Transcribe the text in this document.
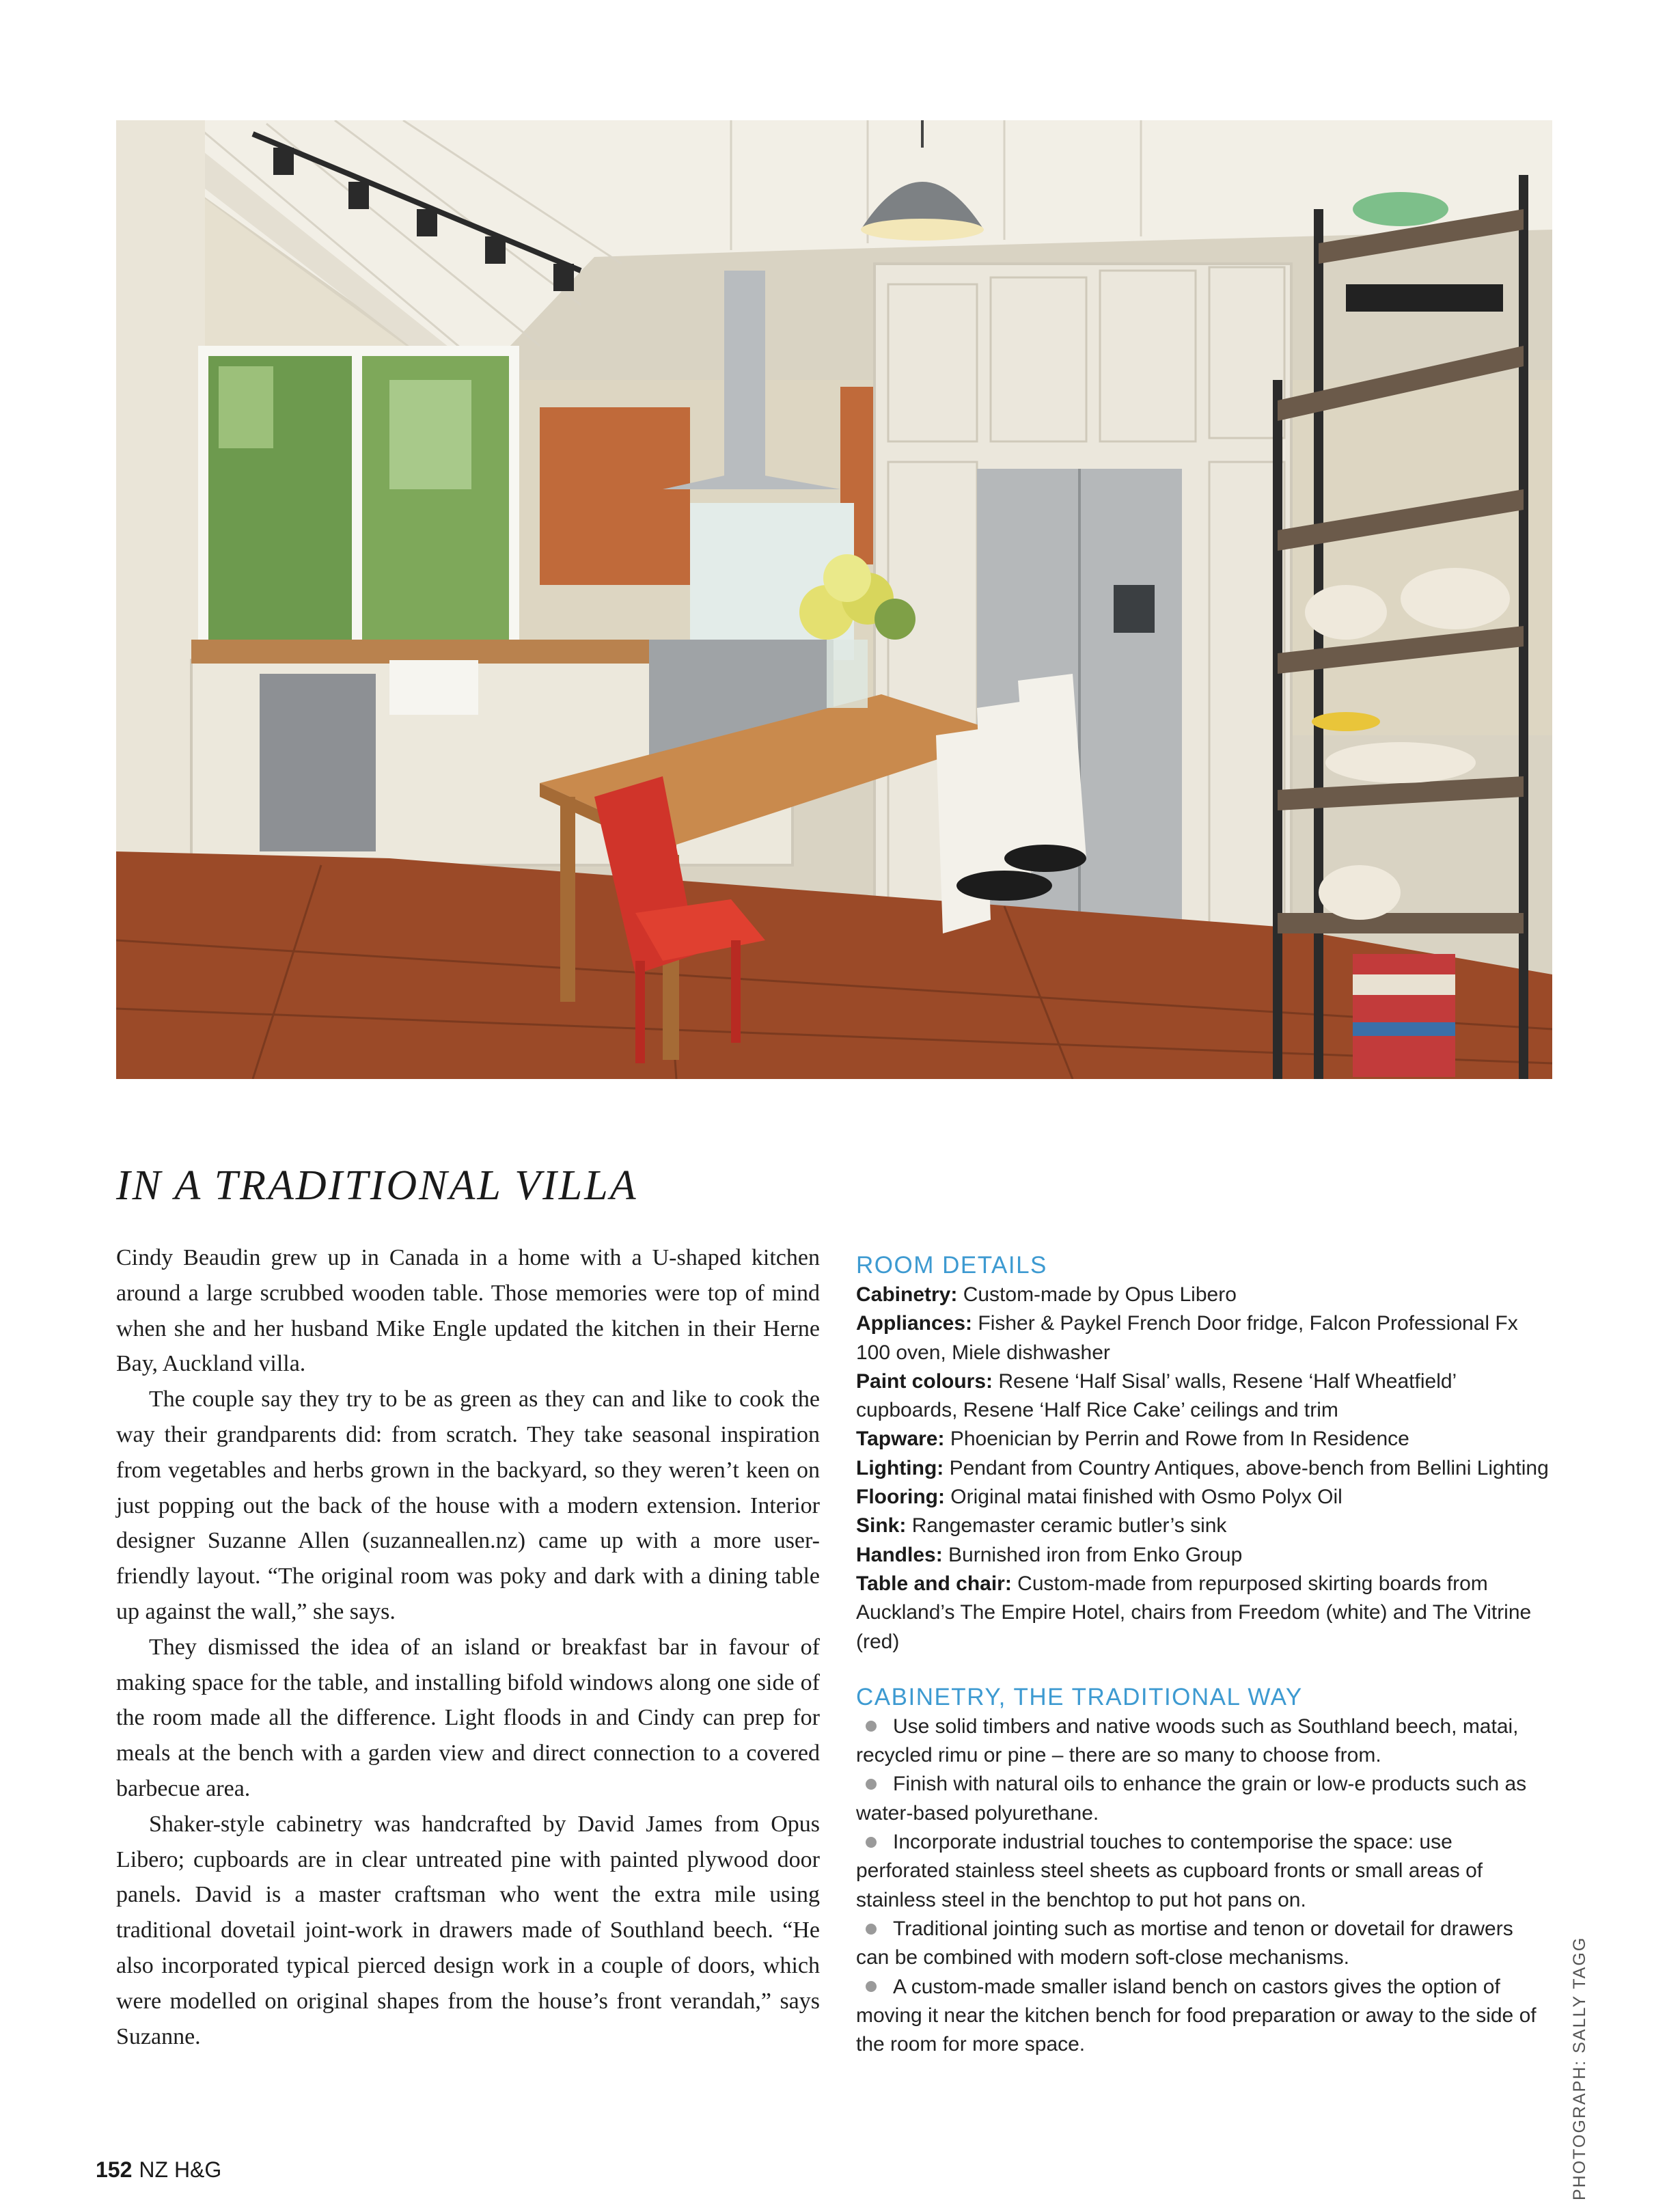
IN A TRADITIONAL VILLA

Cindy Beaudin grew up in Canada in a home with a U-shaped kitchen around a large scrubbed wooden table. Those memories were top of mind when she and her husband Mike Engle updated the kitchen in their Herne Bay, Auckland villa.

The couple say they try to be as green as they can and like to cook the way their grandparents did: from scratch. They take seasonal inspiration from vegetables and herbs grown in the backyard, so they weren’t keen on just popping out the back of the house with a modern extension. Interior designer Suzanne Allen (suzanneallen.nz) came up with a more user-friendly layout. “The original room was poky and dark with a dining table up against the wall,” she says.

They dismissed the idea of an island or breakfast bar in favour of making space for the table, and installing bifold windows along one side of the room made all the difference. Light floods in and Cindy can prep for meals at the bench with a garden view and direct connection to a covered barbecue area.

Shaker-style cabinetry was handcrafted by David James from Opus Libero; cupboards are in clear untreated pine with painted plywood door panels. David is a master craftsman who went the extra mile using traditional dovetail joint-work in drawers made of Southland beech. “He also incorporated typical pierced design work in a couple of doors, which were modelled on original shapes from the house’s front verandah,” says Suzanne.

ROOM DETAILS

Cabinetry: Custom-made by Opus Libero

Appliances: Fisher & Paykel French Door fridge, Falcon Professional Fx 100 oven, Miele dishwasher

Paint colours: Resene ‘Half Sisal’ walls, Resene ‘Half Wheatfield’ cupboards, Resene ‘Half Rice Cake’ ceilings and trim

Tapware: Phoenician by Perrin and Rowe from In Residence

Lighting: Pendant from Country Antiques, above-bench from Bellini Lighting

Flooring: Original matai finished with Osmo Polyx Oil

Sink: Rangemaster ceramic butler’s sink

Handles: Burnished iron from Enko Group

Table and chair: Custom-made from repurposed skirting boards from Auckland’s The Empire Hotel, chairs from Freedom (white) and The Vitrine (red)

CABINETRY, THE TRADITIONAL WAY

Use solid timbers and native woods such as Southland beech, matai, recycled rimu or pine – there are so many to choose from.

Finish with natural oils to enhance the grain or low-e products such as water-based polyurethane.

Incorporate industrial touches to contemporise the space: use perforated stainless steel sheets as cupboard fronts or small areas of stainless steel in the benchtop to put hot pans on.

Traditional jointing such as mortise and tenon or dovetail for drawers can be combined with modern soft-close mechanisms.

A custom-made smaller island bench on castors gives the option of moving it near the kitchen bench for food preparation or away to the side of the room for more space.	PHOTOGRAPH: SALLY TAGG
152 NZ H&G
